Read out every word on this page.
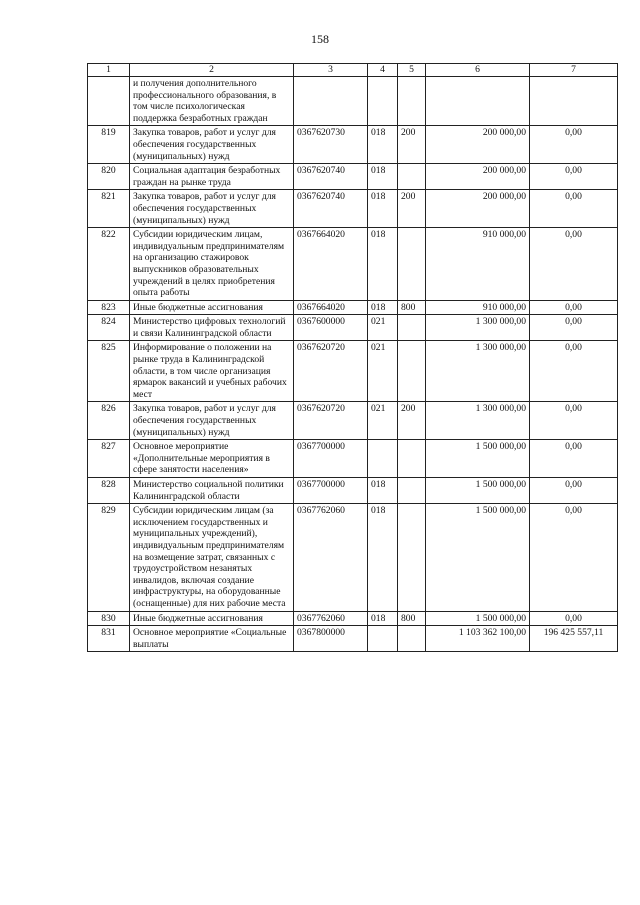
158
1	2	3	4	5	6	7
	и получения дополнительного профессионального образования, в том числе психологическая поддержка безработных граждан					
819	Закупка товаров, работ и услуг для обеспечения государственных (муниципальных) нужд	0367620730	018	200	200 000,00	0,00
820	Социальная адаптация безработных граждан на рынке труда	0367620740	018		200 000,00	0,00
821	Закупка товаров, работ и услуг для обеспечения государственных (муниципальных) нужд	0367620740	018	200	200 000,00	0,00
822	Субсидии юридическим лицам, индивидуальным предпринимателям на организацию стажировок выпускников образовательных учреждений в целях приобретения опыта работы	0367664020	018		910 000,00	0,00
823	Иные бюджетные ассигнования	0367664020	018	800	910 000,00	0,00
824	Министерство цифровых технологий и связи Калининградской области	0367600000	021		1 300 000,00	0,00
825	Информирование о положении на рынке труда в Калининградской области, в том числе организация ярмарок вакансий и учебных рабочих мест	0367620720	021		1 300 000,00	0,00
826	Закупка товаров, работ и услуг для обеспечения государственных (муниципальных) нужд	0367620720	021	200	1 300 000,00	0,00
827	Основное мероприятие «Дополнительные мероприятия в сфере занятости населения»	0367700000			1 500 000,00	0,00
828	Министерство социальной политики Калининградской области	0367700000	018		1 500 000,00	0,00
829	Субсидии юридическим лицам (за исключением государственных и муниципальных учреждений), индивидуальным предпринимателям на возмещение затрат, связанных с трудоустройством незанятых инвалидов, включая создание инфраструктуры, на оборудованные (оснащенные) для них рабочие места	0367762060	018		1 500 000,00	0,00
830	Иные бюджетные ассигнования	0367762060	018	800	1 500 000,00	0,00
831	Основное мероприятие «Социальные выплаты	0367800000			1 103 362 100,00	196 425 557,11
